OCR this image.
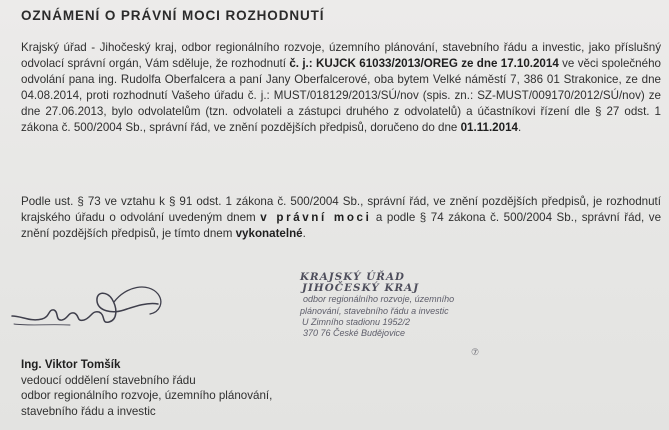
OZNÁMENÍ O PRÁVNÍ MOCI ROZHODNUTÍ
Krajský úřad - Jihočeský kraj, odbor regionálního rozvoje, územního plánování, stavebního řádu a investic, jako příslušný odvolací správní orgán, Vám sděluje, že rozhodnutí č. j.: KUJCK 61033/2013/OREG ze dne 17.10.2014 ve věci společného odvolání pana ing. Rudolfa Oberfalcera a paní Jany Oberfalcerové, oba bytem Velké náměstí 7, 386 01 Strakonice, ze dne 04.08.2014, proti rozhodnutí Vašeho úřadu č. j.: MUST/018129/2013/SÚ/nov (spis. zn.: SZ-MUST/009170/2012/SÚ/nov) ze dne 27.06.2013, bylo odvolatelům (tzn. odvolateli a zástupci druhého z odvolatelů) a účastníkovi řízení dle § 27 odst. 1 zákona č. 500/2004 Sb., správní řád, ve znění pozdějších předpisů, doručeno do dne 01.11.2014.
Podle ust. § 73 ve vztahu k § 91 odst. 1 zákona č. 500/2004 Sb., správní řád, ve znění pozdějších předpisů, je rozhodnutí krajského úřadu o odvolání uvedeným dnem v právní moci a podle § 74 zákona č. 500/2004 Sb., správní řád, ve znění pozdějších předpisů, je tímto dnem vykonatelné.
KRAJSKÝ ÚŘAD
JIHOČESKÝ KRAJ
odbor regionálního rozvoje, územního
plánování, stavebního řádu a investic
U Zimního stadionu 1952/2
370 76 České Budějovice
⑦
Ing. Viktor Tomšík
vedoucí oddělení stavebního řádu
odbor regionálního rozvoje, územního plánování,
stavebního řádu a investic
